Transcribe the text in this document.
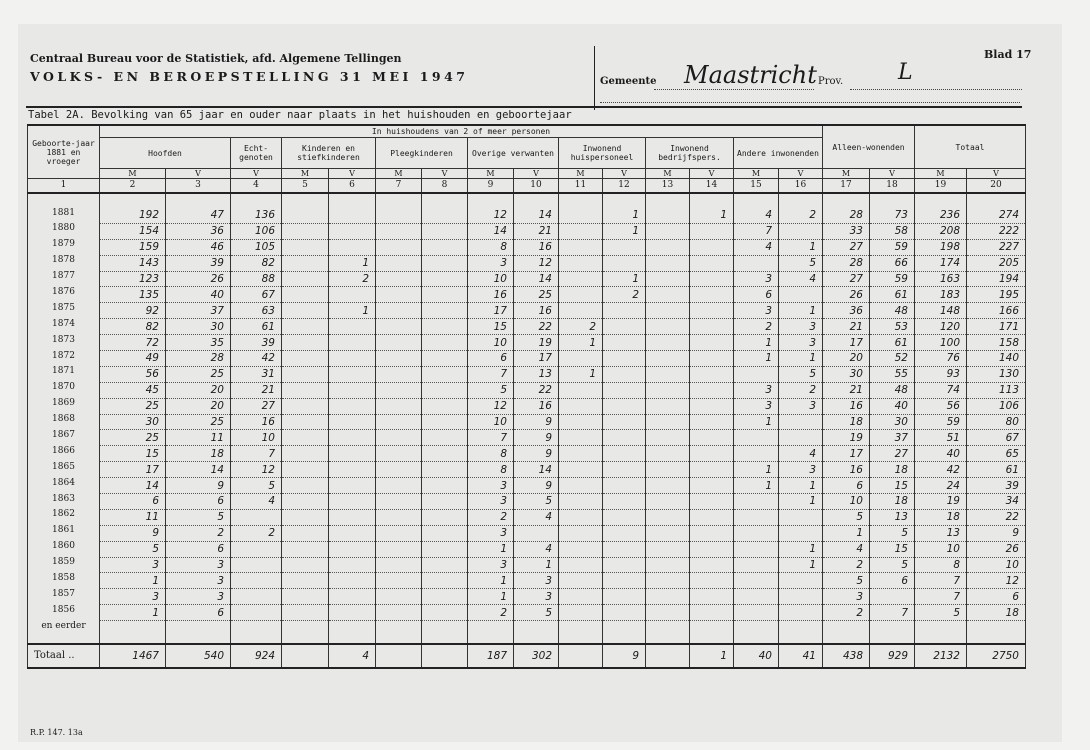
Centraal Bureau voor de Statistiek, afd. Algemene Tellingen
VOLKS- EN BEROEPSTELLING 31 MEI 1947	Gemeente Maastricht Prov. L
Blad 17
Tabel 2A. Bevolking van 65 jaar en ouder naar plaats in het huishouden en geboortejaar
Geboorte-jaar 1881 en vroeger	In huishoudens van 2 of meer personen															Alleen-wonenden		Totaal	
	Hoofden		Echt-genoten	Kinderen en stiefkinderen		Pleegkinderen		Overige verwanten		Inwonend huispersoneel		Inwonend bedrijfspers.		Andere inwonenden					
	M	V	V	M	V	M	V	M	V	M	V	M	V	M	V	M	V	M	V
1	2	3	4	5	6	7	8	9	10	11	12	13	14	15	16	17	18	19	20

1881	192	47	136					12	14		1		1	4	2	28	73	236	274
1880	154	36	106					14	21		1			7		33	58	208	222
1879	159	46	105					8	16					4	1	27	59	198	227
1878	143	39	82		1			3	12						5	28	66	174	205
1877	123	26	88		2			10	14		1			3	4	27	59	163	194
1876	135	40	67					16	25		2			6		26	61	183	195
1875	92	37	63		1			17	16					3	1	36	48	148	166
1874	82	30	61					15	22	2				2	3	21	53	120	171
1873	72	35	39					10	19	1				1	3	17	61	100	158
1872	49	28	42					6	17					1	1	20	52	76	140
1871	56	25	31					7	13	1					5	30	55	93	130
1870	45	20	21					5	22					3	2	21	48	74	113
1869	25	20	27					12	16					3	3	16	40	56	106
1868	30	25	16					10	9					1		18	30	59	80
1867	25	11	10					7	9							19	37	51	67
1866	15	18	7					8	9						4	17	27	40	65
1865	17	14	12					8	14					1	3	16	18	42	61
1864	14	9	5					3	9					1	1	6	15	24	39
1863	6	6	4					3	5						1	10	18	19	34
1862	11	5						2	4							5	13	18	22
1861	9	2	2					3								1	5	13	9
1860	5	6						1	4						1	4	15	10	26
1859	3	3						3	1						1	2	5	8	10
1858	1	3						1	3							5	6	7	12
1857	3	3						1	3							3		7	6
1856	1	6						2	5							2	7	5	18
en eerder																			

Totaal ..	1467	540	924		4			187	302		9		1	40	41	438	929	2132	2750
R.P. 147. 13a
